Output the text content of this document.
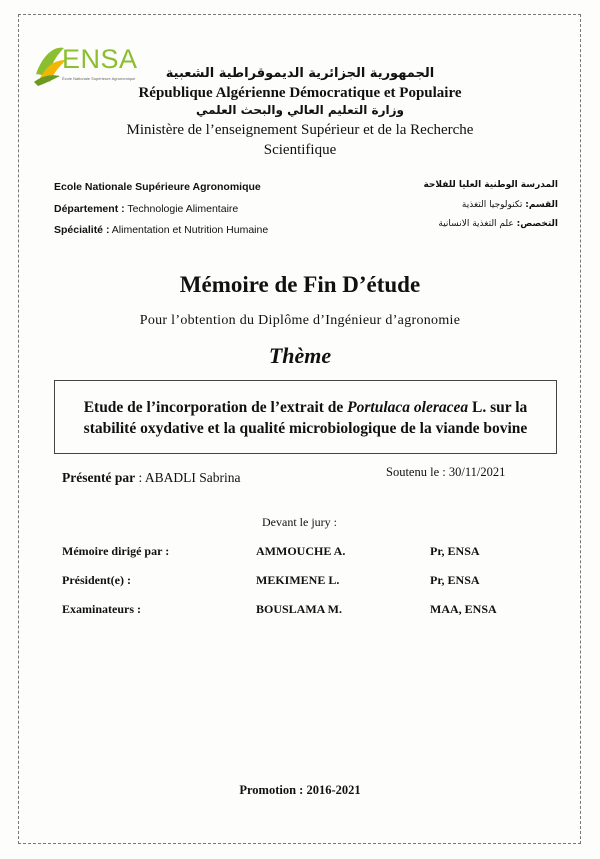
ENSA
École Nationale Supérieure Agronomique	الجمهورية الجزائرية الديموقراطية الشعبية
République Algérienne Démocratique et Populaire
وزارة التعليم العالي والبحث العلمي
Ministère de l’enseignement Supérieur et de la Recherche
Scientifique
Ecole Nationale Supérieure Agronomique
Département : Technologie Alimentaire
Spécialité : Alimentation et Nutrition Humaine
المدرسة الوطنية العليا للفلاحة
القسم: تكنولوجيا التغذية
التخصص: علم التغذية الانسانية
Mémoire de Fin D’étude
Pour l’obtention du Diplôme d’Ingénieur d’agronomie
Thème
Etude de l’incorporation de l’extrait de Portulaca oleracea L. sur la
stabilité oxydative et la qualité microbiologique de la viande bovine
Présenté par : ABADLI Sabrina	Soutenu le : 30/11/2021
Devant le jury :
Mémoire dirigé par :	AMMOUCHE A.	Pr, ENSA
Président(e) :	MEKIMENE L.	Pr, ENSA
Examinateurs :	BOUSLAMA M.	MAA, ENSA
Promotion : 2016-2021
